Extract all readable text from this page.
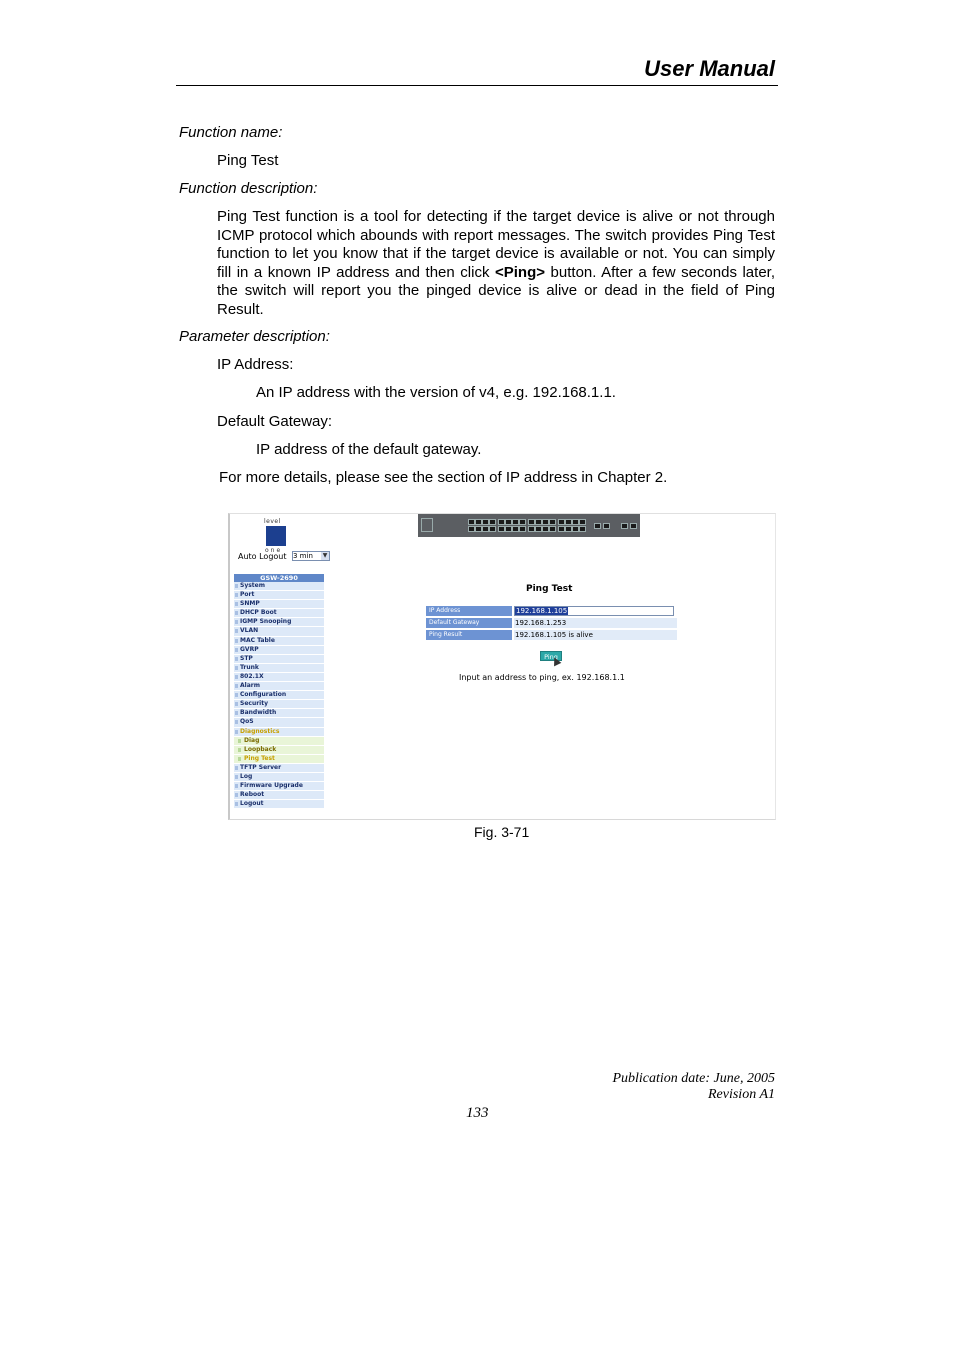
User Manual
Function name:
Ping Test
Function description:
Ping Test function is a tool for detecting if the target device is alive or not through ICMP protocol which abounds with report messages. The switch provides Ping Test function to let you know that if the target device is available or not. You can simply fill in a known IP address and then click <Ping> button. After a few seconds later, the switch will report you the pinged device is alive or dead in the field of Ping Result.
Parameter description:
IP Address:
An IP address with the version of v4, e.g. 192.168.1.1.
Default Gateway:
IP address of the default gateway.
For more details, please see the section of IP address in Chapter 2.
level
one
Auto Logout 3 min ▼
GSW-2690
System
Port
SNMP
DHCP Boot
IGMP Snooping
VLAN
MAC Table
GVRP
STP
Trunk
802.1X
Alarm
Configuration
Security
Bandwidth
QoS
Diagnostics
Diag
Loopback
Ping Test
TFTP Server
Log
Firmware Upgrade
Reboot
Logout
Ping Test
IP Address	192.168.1.105
Default Gateway	192.168.1.253
Ping Result	192.168.1.105 is alive
Ping
Input an address to ping, ex. 192.168.1.1
Fig. 3-71
Publication date: June, 2005
Revision A1
133
